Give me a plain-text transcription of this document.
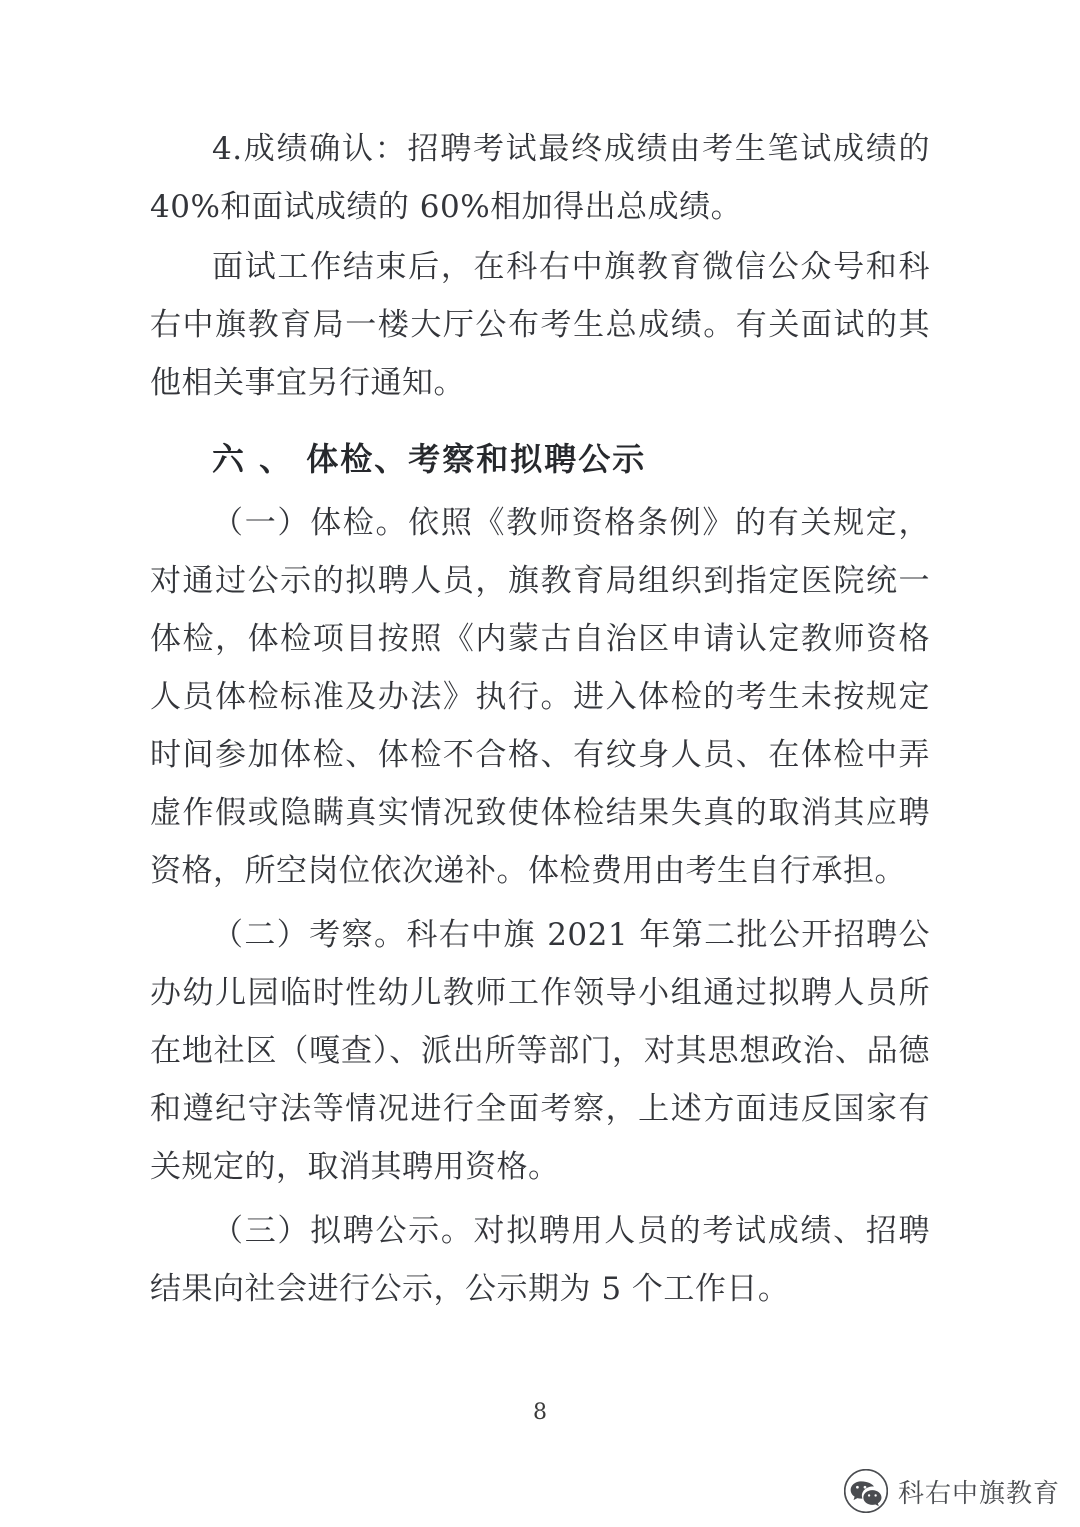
4.成绩确认：招聘考试最终成绩由考生笔试成绩的 40%和面试成绩的 60%相加得出总成绩。

面试工作结束后，在科右中旗教育微信公众号和科右中旗教育局一楼大厅公布考生总成绩。有关面试的其他相关事宜另行通知。

六 、 体检、考察和拟聘公示

（一）体检。依照《教师资格条例》的有关规定，对通过公示的拟聘人员，旗教育局组织到指定医院统一体检，体检项目按照《内蒙古自治区申请认定教师资格人员体检标准及办法》执行。进入体检的考生未按规定时间参加体检、体检不合格、有纹身人员、在体检中弄虚作假或隐瞒真实情况致使体检结果失真的取消其应聘资格，所空岗位依次递补。体检费用由考生自行承担。

（二）考察。科右中旗 2021 年第二批公开招聘公办幼儿园临时性幼儿教师工作领导小组通过拟聘人员所在地社区（嘎查）、派出所等部门，对其思想政治、品德和遵纪守法等情况进行全面考察，上述方面违反国家有关规定的，取消其聘用资格。

（三）拟聘公示。对拟聘用人员的考试成绩、招聘结果向社会进行公示，公示期为 5 个工作日。

8
科右中旗教育
